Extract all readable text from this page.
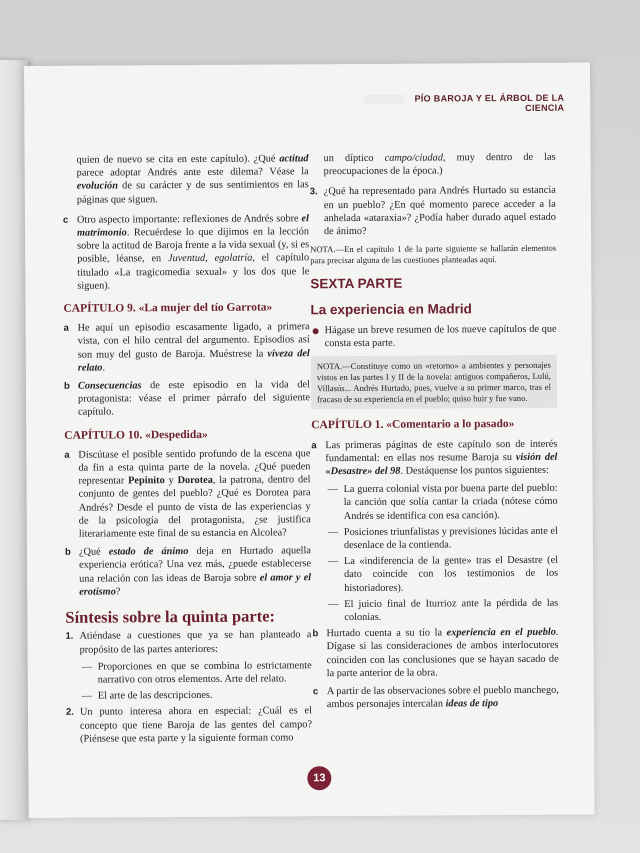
PÍO BAROJA Y EL ÁRBOL DE LA CIENCIA

quien de nuevo se cita en este capítulo). ¿Qué actitud parece adoptar Andrés ante este dilema? Véase la evolución de su carácter y de sus sentimientos en las páginas que siguen.

c Otro aspecto importante: reflexiones de Andrés sobre el matrimonio. Recuérdese lo que dijimos en la lección sobre la actitud de Baroja frente a la vida sexual (y, si es posible, léanse, en Juventud, egolatría, el capítulo titulado «La tragicomedia sexual» y los dos que le siguen).
CAPÍTULO 9. «La mujer del tío Garrota»
a He aquí un episodio escasamente ligado, a primera vista, con el hilo central del argumento. Episodios así son muy del gusto de Baroja. Muéstrese la viveza del relato.
b Consecuencias de este episodio en la vida del protagonista: véase el primer párrafo del siguiente capítulo.
CAPÍTULO 10. «Despedida»
a Discútase el posible sentido profundo de la escena que da fin a esta quinta parte de la novela. ¿Qué pueden representar Pepinito y Dorotea, la patrona, dentro del conjunto de gentes del pueblo? ¿Qué es Dorotea para Andrés? Desde el punto de vista de las experiencias y de la psicología del protagonista, ¿se justifica literariamente este final de su estancia en Alcolea?
b ¿Qué estado de ánimo deja en Hurtado aquella experiencia erótica? Una vez más, ¿puede establecerse una relación con las ideas de Baroja sobre el amor y el erotismo?
Síntesis sobre la quinta parte:
1. Atiéndase a cuestiones que ya se han planteado a propósito de las partes anteriores:
— Proporciones en que se combina lo estrictamente narrativo con otros elementos. Arte del relato.
— El arte de las descripciones.
2. Un punto interesa ahora en especial: ¿Cuál es el concepto que tiene Baroja de las gentes del campo? (Piénsese que esta parte y la siguiente forman como

un díptico campo/ciudad, muy dentro de las preocupaciones de la época.)

3. ¿Qué ha representado para Andrés Hurtado su estancia en un pueblo? ¿En qué momento parece acceder a la anhelada «ataraxia»? ¿Podía haber durado aquel estado de ánimo?

NOTA.—En el capítulo 1 de la parte siguiente se hallarán elementos para precisar alguna de las cuestiones planteadas aquí.

SEXTA PARTE
La experiencia en Madrid
Hágase un breve resumen de los nueve capítulos de que consta esta parte.
NOTA.—Constituye como un «retorno» a ambientes y personajes vistos en las partes I y II de la novela: antiguos compañeros, Lulú, Villasús... Andrés Hurtado, pues, vuelve a su primer marco, tras el fracaso de su experiencia en el pueblo; quiso huir y fue vano.
CAPÍTULO 1. «Comentario a lo pasado»
a Las primeras páginas de este capítulo son de interés fundamental: en ellas nos resume Baroja su visión del «Desastre» del 98. Destáquense los puntos siguientes:
— La guerra colonial vista por buena parte del pueblo: la canción que solía cantar la criada (nótese cómo Andrés se identifica con esa canción).
— Posiciones triunfalistas y previsiones lúcidas ante el desenlace de la contienda.
— La «indiferencia de la gente» tras el Desastre (el dato coincide con los testimonios de los historiadores).
— El juicio final de Iturrioz ante la pérdida de las colonias.
b Hurtado cuenta a su tío la experiencia en el pueblo. Dígase si las consideraciones de ambos interlocutores coinciden con las conclusiones que se hayan sacado de la parte anterior de la obra.
c A partir de las observaciones sobre el pueblo manchego, ambos personajes intercalan ideas de tipo
13
